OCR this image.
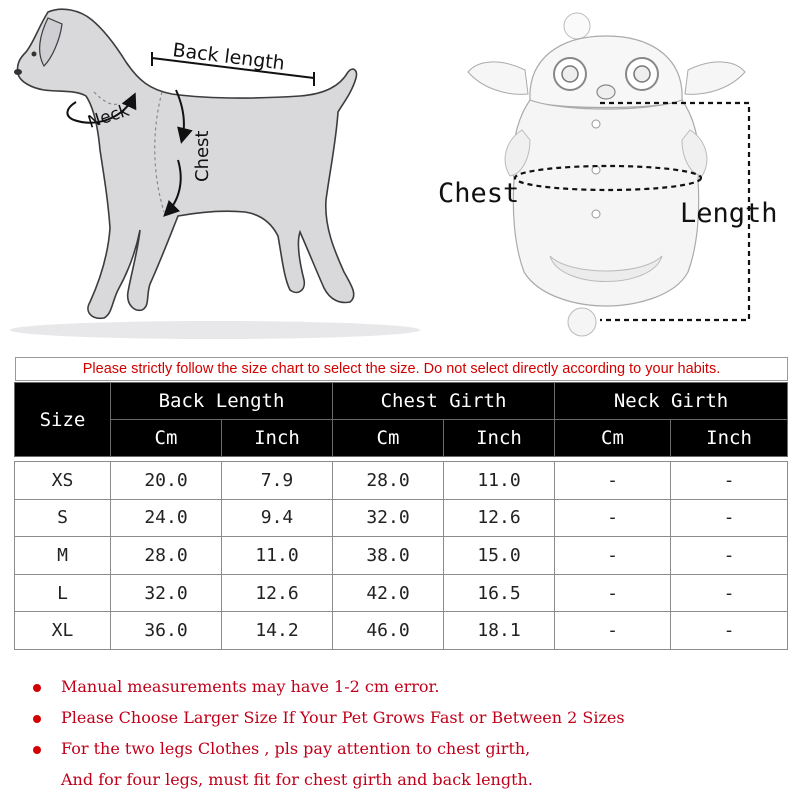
Back length
Neck
Chest
Chest
Length
Please strictly follow the size chart to select the size. Do not select directly according to your habits.
Size	Back Length		Chest Girth		Neck Girth	
	Cm	Inch	Cm	Inch	Cm	Inch

XS	20.0	7.9	28.0	11.0	-	-
S	24.0	9.4	32.0	12.6	-	-
M	28.0	11.0	38.0	15.0	-	-
L	32.0	12.6	42.0	16.5	-	-
XL	36.0	14.2	46.0	18.1	-	-
Manual measurements may have 1-2 cm error.
Please Choose Larger Size If Your Pet Grows Fast or Between 2 Sizes
For the two legs Clothes , pls pay attention to chest girth,
And for four legs, must fit for chest girth and back length.
